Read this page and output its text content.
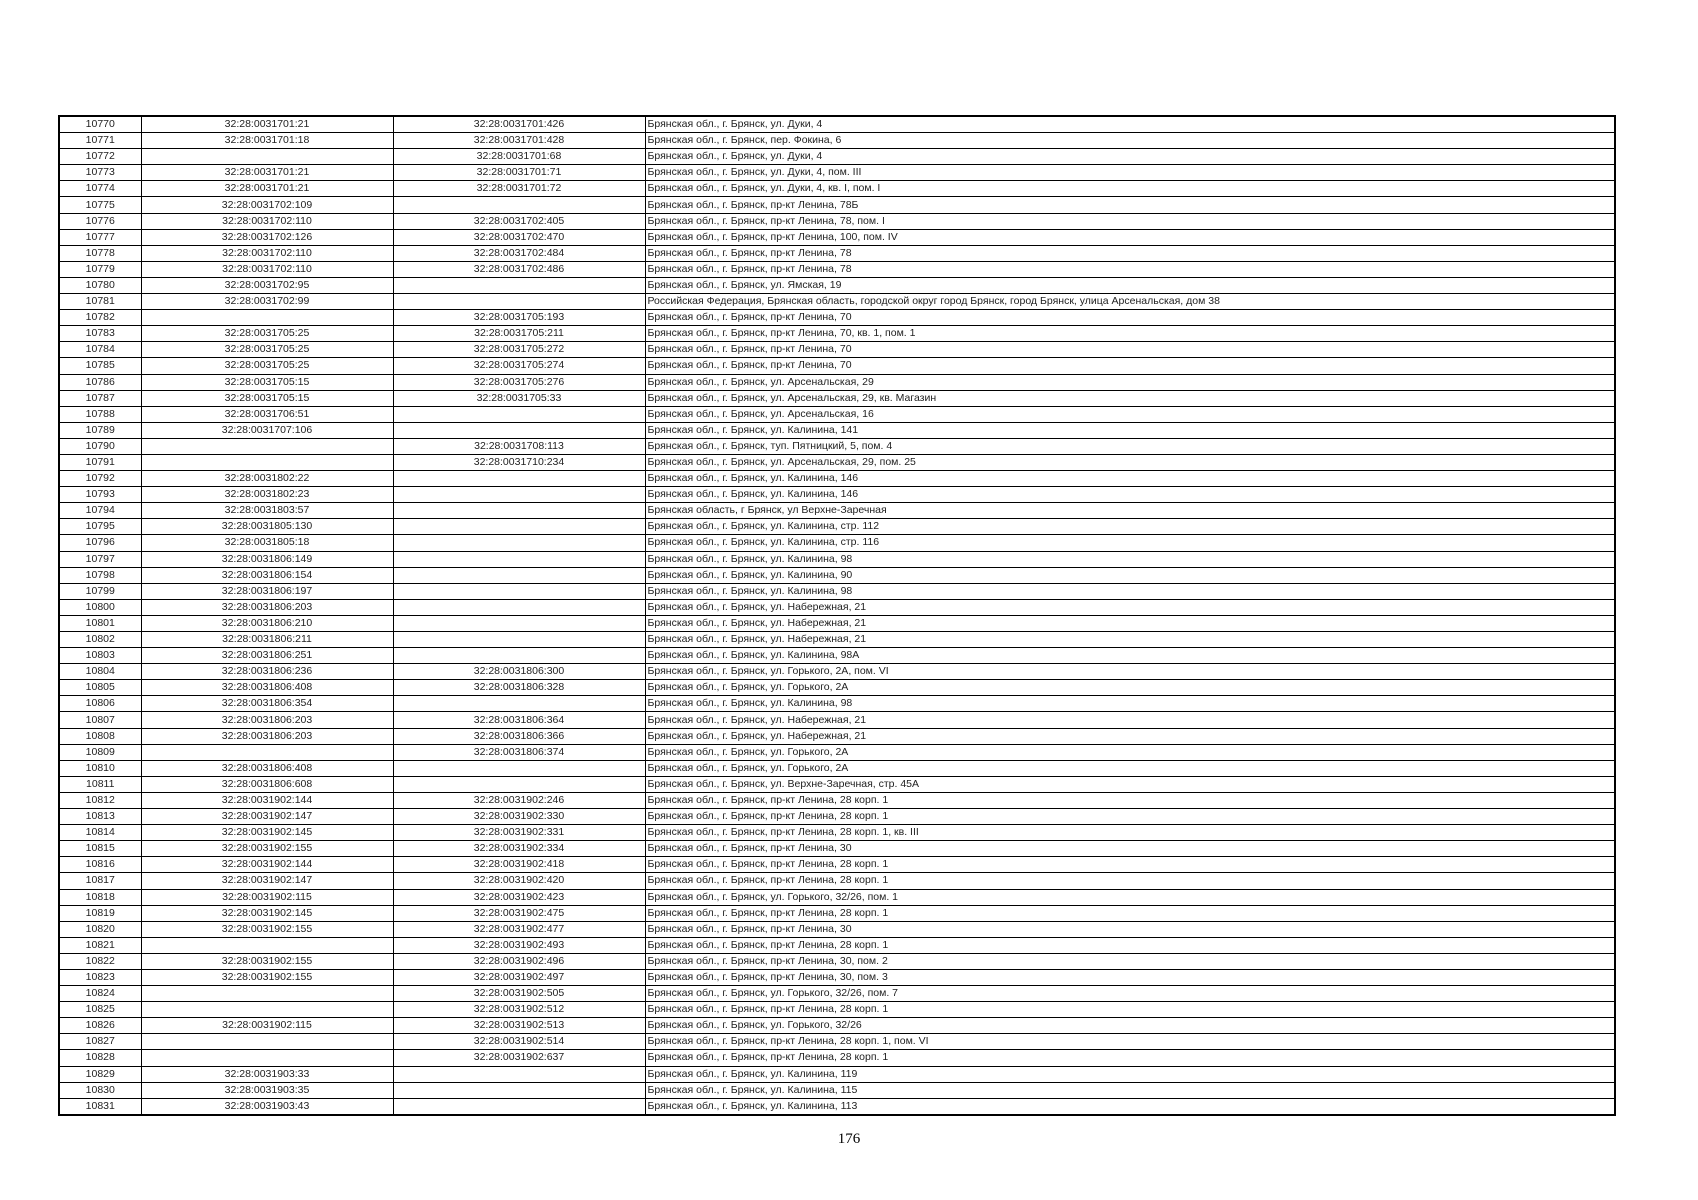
10770	32:28:0031701:21	32:28:0031701:426	Брянская обл., г. Брянск, ул. Дуки, 4
10771	32:28:0031701:18	32:28:0031701:428	Брянская обл., г. Брянск, пер. Фокина, 6
10772		32:28:0031701:68	Брянская обл., г. Брянск, ул. Дуки, 4
10773	32:28:0031701:21	32:28:0031701:71	Брянская обл., г. Брянск, ул. Дуки, 4, пом. III
10774	32:28:0031701:21	32:28:0031701:72	Брянская обл., г. Брянск, ул. Дуки, 4, кв. I, пом. I
10775	32:28:0031702:109		Брянская обл., г. Брянск, пр-кт Ленина, 78Б
10776	32:28:0031702:110	32:28:0031702:405	Брянская обл., г. Брянск, пр-кт Ленина, 78, пом. I
10777	32:28:0031702:126	32:28:0031702:470	Брянская обл., г. Брянск, пр-кт Ленина, 100, пом. IV
10778	32:28:0031702:110	32:28:0031702:484	Брянская обл., г. Брянск, пр-кт Ленина, 78
10779	32:28:0031702:110	32:28:0031702:486	Брянская обл., г. Брянск, пр-кт Ленина, 78
10780	32:28:0031702:95		Брянская обл., г. Брянск, ул. Ямская, 19
10781	32:28:0031702:99		Российская Федерация, Брянская область, городской округ город Брянск, город Брянск, улица Арсенальская, дом 38
10782		32:28:0031705:193	Брянская обл., г. Брянск, пр-кт Ленина, 70
10783	32:28:0031705:25	32:28:0031705:211	Брянская обл., г. Брянск, пр-кт Ленина, 70, кв. 1, пом. 1
10784	32:28:0031705:25	32:28:0031705:272	Брянская обл., г. Брянск, пр-кт Ленина, 70
10785	32:28:0031705:25	32:28:0031705:274	Брянская обл., г. Брянск, пр-кт Ленина, 70
10786	32:28:0031705:15	32:28:0031705:276	Брянская обл., г. Брянск, ул. Арсенальская, 29
10787	32:28:0031705:15	32:28:0031705:33	Брянская обл., г. Брянск, ул. Арсенальская, 29, кв. Магазин
10788	32:28:0031706:51		Брянская обл., г. Брянск, ул. Арсенальская, 16
10789	32:28:0031707:106		Брянская обл., г. Брянск, ул. Калинина, 141
10790		32:28:0031708:113	Брянская обл., г. Брянск, туп. Пятницкий, 5, пом. 4
10791		32:28:0031710:234	Брянская обл., г. Брянск, ул. Арсенальская, 29, пом. 25
10792	32:28:0031802:22		Брянская обл., г. Брянск, ул. Калинина, 146
10793	32:28:0031802:23		Брянская обл., г. Брянск, ул. Калинина, 146
10794	32:28:0031803:57		Брянская область, г Брянск, ул Верхне-Заречная
10795	32:28:0031805:130		Брянская обл., г. Брянск, ул. Калинина, стр. 112
10796	32:28:0031805:18		Брянская обл., г. Брянск, ул. Калинина, стр. 116
10797	32:28:0031806:149		Брянская обл., г. Брянск, ул. Калинина, 98
10798	32:28:0031806:154		Брянская обл., г. Брянск, ул. Калинина, 90
10799	32:28:0031806:197		Брянская обл., г. Брянск, ул. Калинина, 98
10800	32:28:0031806:203		Брянская обл., г. Брянск, ул. Набережная, 21
10801	32:28:0031806:210		Брянская обл., г. Брянск, ул. Набережная, 21
10802	32:28:0031806:211		Брянская обл., г. Брянск, ул. Набережная, 21
10803	32:28:0031806:251		Брянская обл., г. Брянск, ул. Калинина, 98А
10804	32:28:0031806:236	32:28:0031806:300	Брянская обл., г. Брянск, ул. Горького, 2А, пом. VI
10805	32:28:0031806:408	32:28:0031806:328	Брянская обл., г. Брянск, ул. Горького, 2А
10806	32:28:0031806:354		Брянская обл., г. Брянск, ул. Калинина, 98
10807	32:28:0031806:203	32:28:0031806:364	Брянская обл., г. Брянск, ул. Набережная, 21
10808	32:28:0031806:203	32:28:0031806:366	Брянская обл., г. Брянск, ул. Набережная, 21
10809		32:28:0031806:374	Брянская обл., г. Брянск, ул. Горького, 2А
10810	32:28:0031806:408		Брянская обл., г. Брянск, ул. Горького, 2А
10811	32:28:0031806:608		Брянская обл., г. Брянск, ул. Верхне-Заречная, стр. 45А
10812	32:28:0031902:144	32:28:0031902:246	Брянская обл., г. Брянск, пр-кт Ленина, 28 корп. 1
10813	32:28:0031902:147	32:28:0031902:330	Брянская обл., г. Брянск, пр-кт Ленина, 28 корп. 1
10814	32:28:0031902:145	32:28:0031902:331	Брянская обл., г. Брянск, пр-кт Ленина, 28 корп. 1, кв. III
10815	32:28:0031902:155	32:28:0031902:334	Брянская обл., г. Брянск, пр-кт Ленина, 30
10816	32:28:0031902:144	32:28:0031902:418	Брянская обл., г. Брянск, пр-кт Ленина, 28 корп. 1
10817	32:28:0031902:147	32:28:0031902:420	Брянская обл., г. Брянск, пр-кт Ленина, 28 корп. 1
10818	32:28:0031902:115	32:28:0031902:423	Брянская обл., г. Брянск, ул. Горького, 32/26, пом. 1
10819	32:28:0031902:145	32:28:0031902:475	Брянская обл., г. Брянск, пр-кт Ленина, 28 корп. 1
10820	32:28:0031902:155	32:28:0031902:477	Брянская обл., г. Брянск, пр-кт Ленина, 30
10821		32:28:0031902:493	Брянская обл., г. Брянск, пр-кт Ленина, 28 корп. 1
10822	32:28:0031902:155	32:28:0031902:496	Брянская обл., г. Брянск, пр-кт Ленина, 30, пом. 2
10823	32:28:0031902:155	32:28:0031902:497	Брянская обл., г. Брянск, пр-кт Ленина, 30, пом. 3
10824		32:28:0031902:505	Брянская обл., г. Брянск, ул. Горького, 32/26, пом. 7
10825		32:28:0031902:512	Брянская обл., г. Брянск, пр-кт Ленина, 28 корп. 1
10826	32:28:0031902:115	32:28:0031902:513	Брянская обл., г. Брянск, ул. Горького, 32/26
10827		32:28:0031902:514	Брянская обл., г. Брянск, пр-кт Ленина, 28 корп. 1, пом. VI
10828		32:28:0031902:637	Брянская обл., г. Брянск, пр-кт Ленина, 28 корп. 1
10829	32:28:0031903:33		Брянская обл., г. Брянск, ул. Калинина, 119
10830	32:28:0031903:35		Брянская обл., г. Брянск, ул. Калинина, 115
10831	32:28:0031903:43		Брянская обл., г. Брянск, ул. Калинина, 113
176
